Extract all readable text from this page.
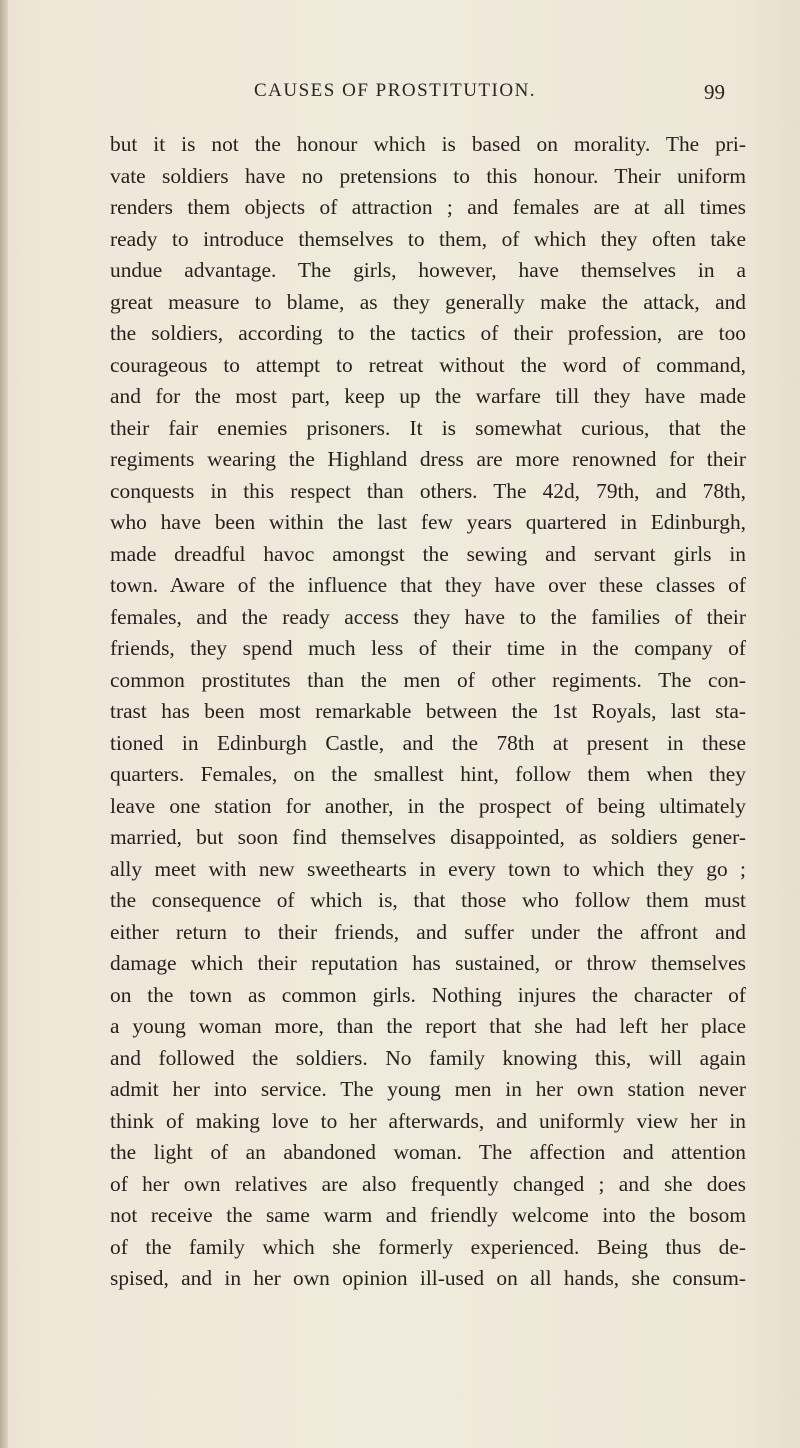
CAUSES OF PROSTITUTION.	99
but it is not the honour which is based on morality. The pri-
vate soldiers have no pretensions to this honour. Their uniform
renders them objects of attraction ; and females are at all times
ready to introduce themselves to them, of which they often take
undue advantage. The girls, however, have themselves in a
great measure to blame, as they generally make the attack, and
the soldiers, according to the tactics of their profession, are too
courageous to attempt to retreat without the word of command,
and for the most part, keep up the warfare till they have made
their fair enemies prisoners. It is somewhat curious, that the
regiments wearing the Highland dress are more renowned for their
conquests in this respect than others. The 42d, 79th, and 78th,
who have been within the last few years quartered in Edinburgh,
made dreadful havoc amongst the sewing and servant girls in
town. Aware of the influence that they have over these classes of
females, and the ready access they have to the families of their
friends, they spend much less of their time in the company of
common prostitutes than the men of other regiments. The con-
trast has been most remarkable between the 1st Royals, last sta-
tioned in Edinburgh Castle, and the 78th at present in these
quarters. Females, on the smallest hint, follow them when they
leave one station for another, in the prospect of being ultimately
married, but soon find themselves disappointed, as soldiers gener-
ally meet with new sweethearts in every town to which they go ;
the consequence of which is, that those who follow them must
either return to their friends, and suffer under the affront and
damage which their reputation has sustained, or throw themselves
on the town as common girls. Nothing injures the character of
a young woman more, than the report that she had left her place
and followed the soldiers. No family knowing this, will again
admit her into service. The young men in her own station never
think of making love to her afterwards, and uniformly view her in
the light of an abandoned woman. The affection and attention
of her own relatives are also frequently changed ; and she does
not receive the same warm and friendly welcome into the bosom
of the family which she formerly experienced. Being thus de-
spised, and in her own opinion ill-used on all hands, she consum-
